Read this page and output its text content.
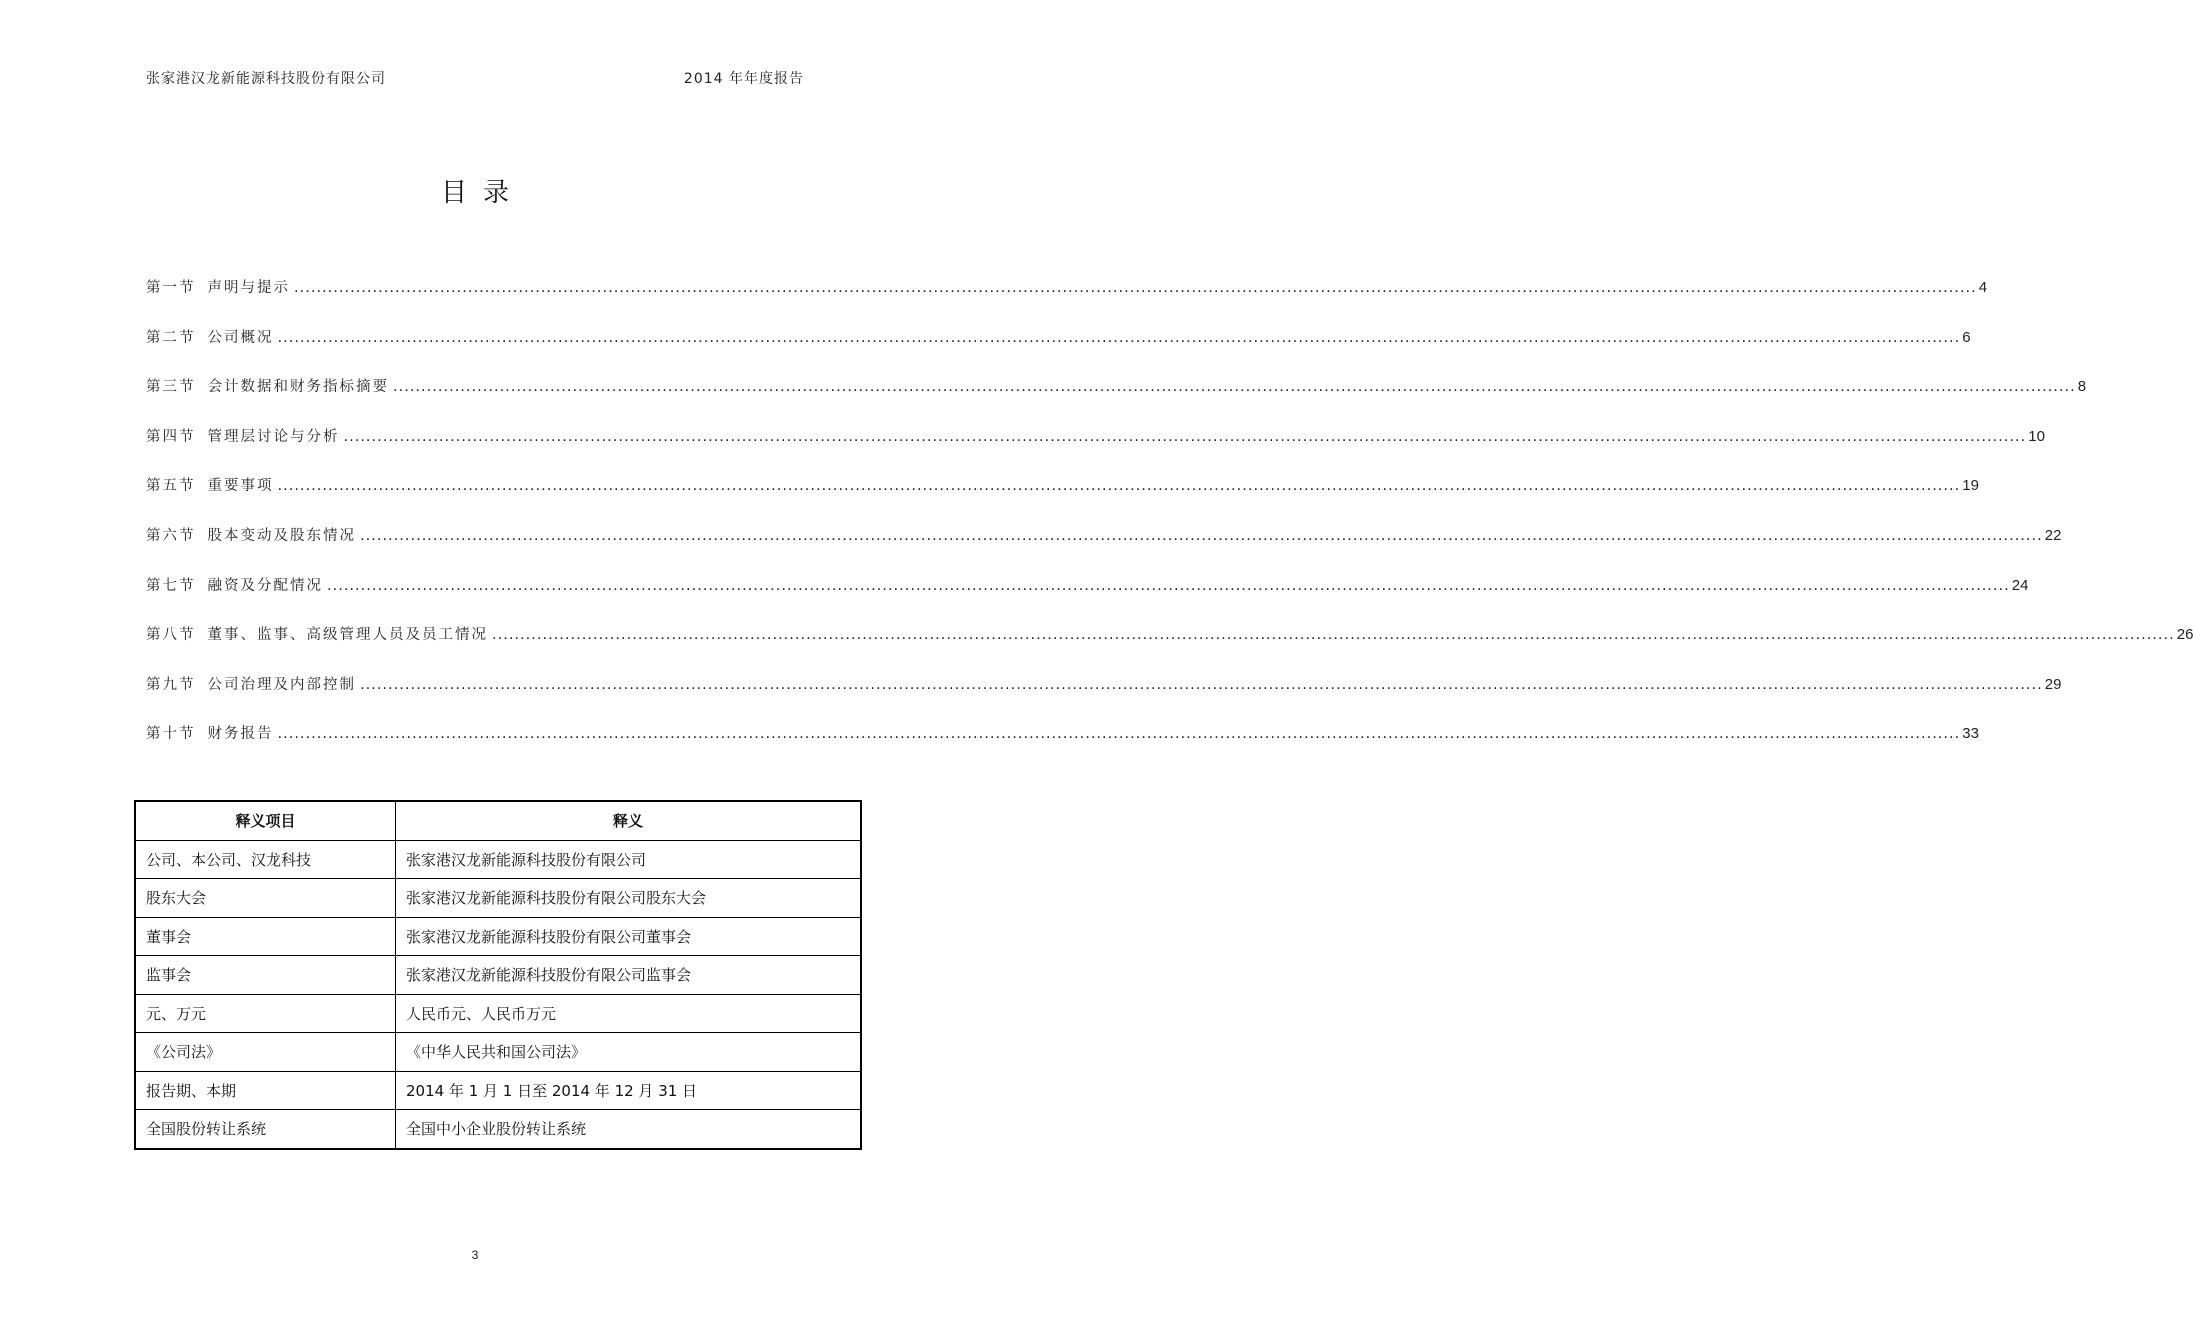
张家港汉龙新能源科技股份有限公司	2014 年年度报告
目录
第一节 声明与提示 ............................................................................................................................................................................................................................................................................................................ 4
第二节 公司概况 ............................................................................................................................................................................................................................................................................................................ 6
第三节 会计数据和财务指标摘要 ............................................................................................................................................................................................................................................................................................................ 8
第四节 管理层讨论与分析 ............................................................................................................................................................................................................................................................................................................ 10
第五节 重要事项 ............................................................................................................................................................................................................................................................................................................ 19
第六节 股本变动及股东情况 ............................................................................................................................................................................................................................................................................................................ 22
第七节 融资及分配情况 ............................................................................................................................................................................................................................................................................................................ 24
第八节 董事、监事、高级管理人员及员工情况 ............................................................................................................................................................................................................................................................................................................ 26
第九节 公司治理及内部控制 ............................................................................................................................................................................................................................................................................................................ 29
第十节 财务报告 ............................................................................................................................................................................................................................................................................................................ 33
释义项目	释义
公司、本公司、汉龙科技	张家港汉龙新能源科技股份有限公司
股东大会	张家港汉龙新能源科技股份有限公司股东大会
董事会	张家港汉龙新能源科技股份有限公司董事会
监事会	张家港汉龙新能源科技股份有限公司监事会
元、万元	人民币元、人民币万元
《公司法》	《中华人民共和国公司法》
报告期、本期	2014 年 1 月 1 日至 2014 年 12 月 31 日
全国股份转让系统	全国中小企业股份转让系统
3
